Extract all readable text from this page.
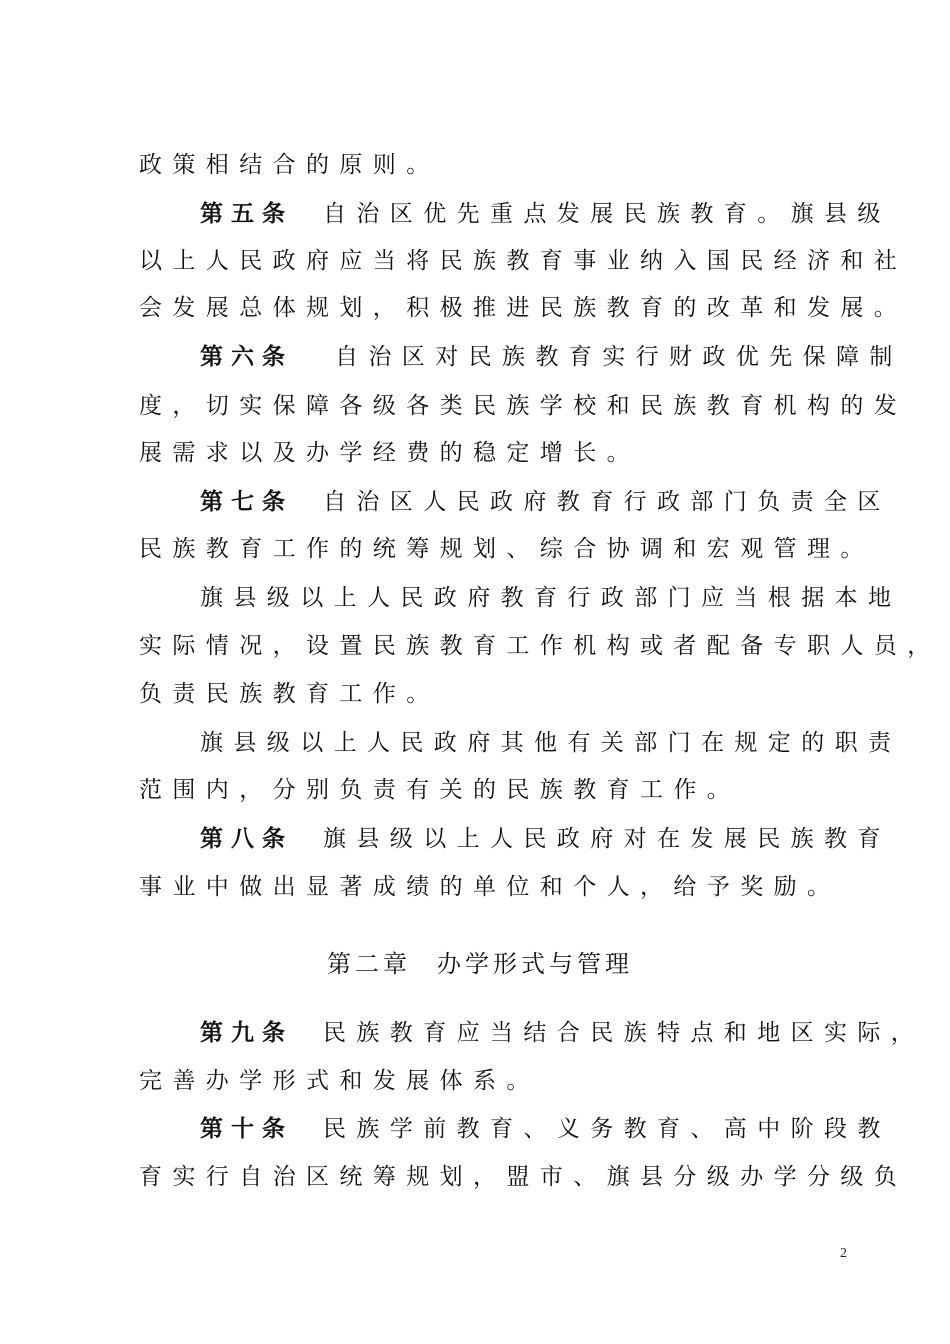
政策相结合的原则。
第五条 自治区优先重点发展民族教育。旗县级
以上人民政府应当将民族教育事业纳入国民经济和社
会发展总体规划，积极推进民族教育的改革和发展。
第六条 自治区对民族教育实行财政优先保障制
度，切实保障各级各类民族学校和民族教育机构的发
展需求以及办学经费的稳定增长。
第七条 自治区人民政府教育行政部门负责全区
民族教育工作的统筹规划、综合协调和宏观管理。
旗县级以上人民政府教育行政部门应当根据本地
实际情况，设置民族教育工作机构或者配备专职人员，
负责民族教育工作。
旗县级以上人民政府其他有关部门在规定的职责
范围内，分别负责有关的民族教育工作。
第八条 旗县级以上人民政府对在发展民族教育
事业中做出显著成绩的单位和个人，给予奖励。
第二章 办学形式与管理
第九条 民族教育应当结合民族特点和地区实际，
完善办学形式和发展体系。
第十条 民族学前教育、义务教育、高中阶段教
育实行自治区统筹规划，盟市、旗县分级办学分级负
2
